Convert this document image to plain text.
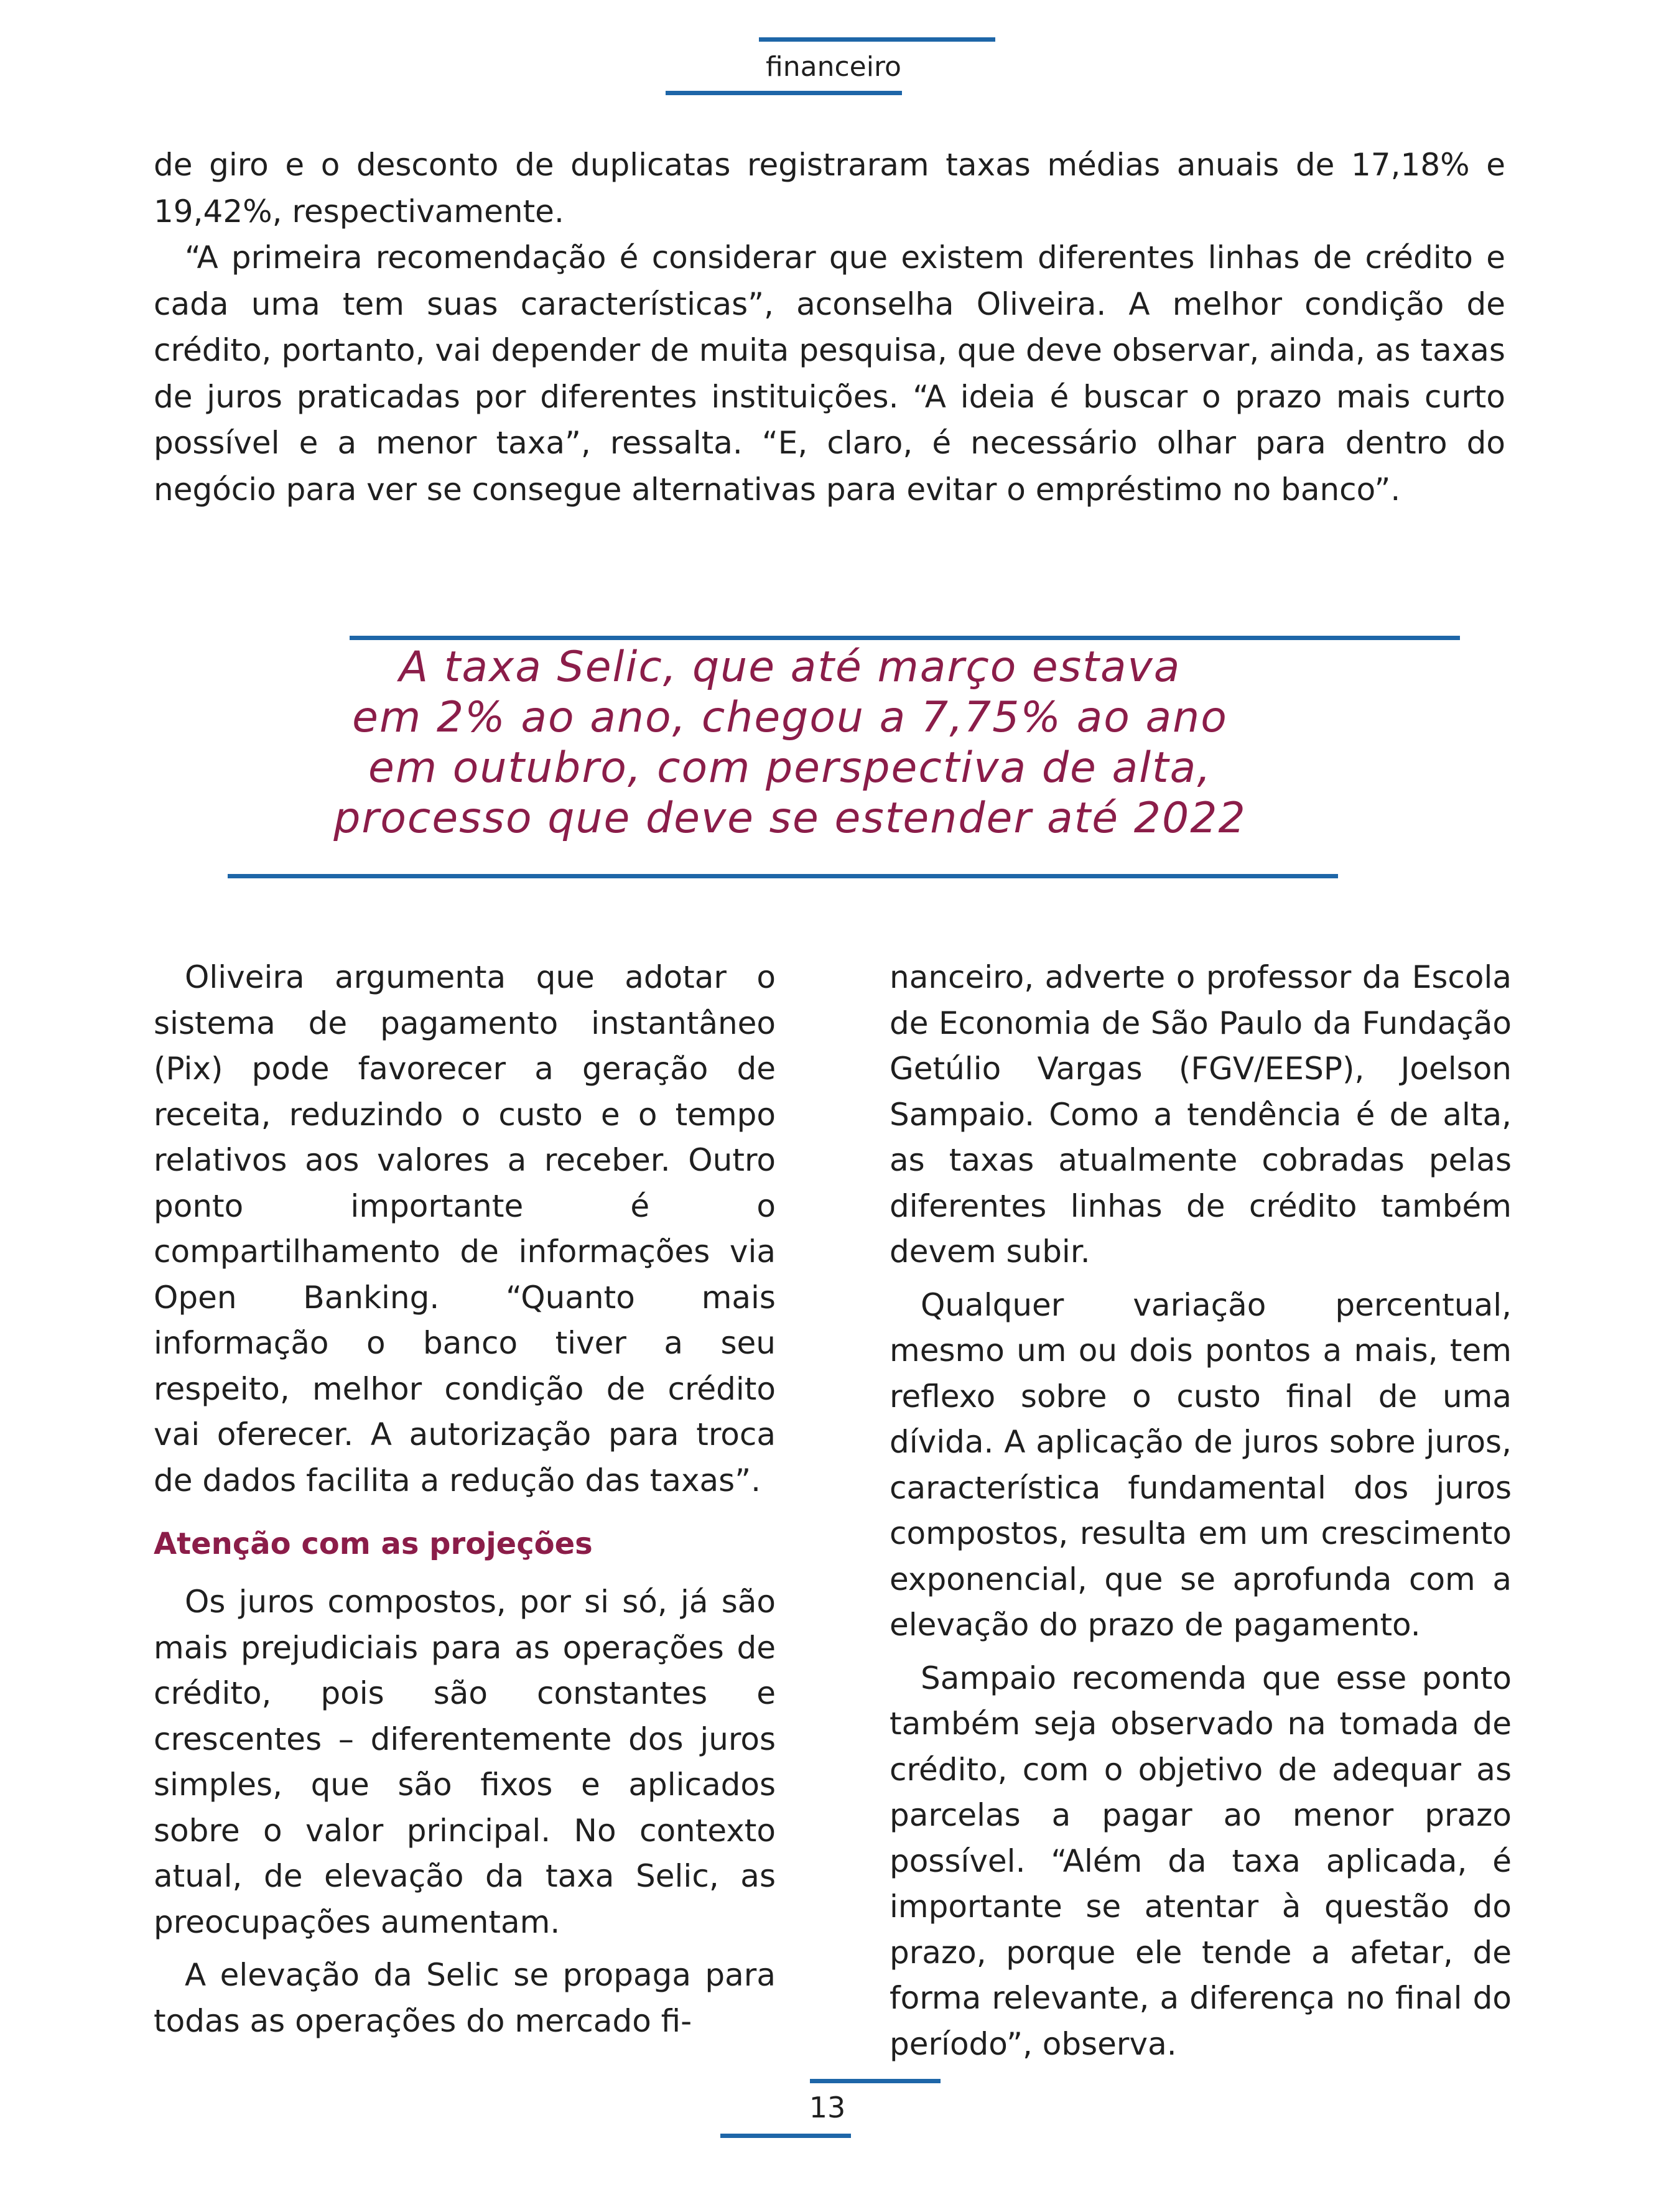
financeiro

de giro e o desconto de duplicatas registraram taxas médias anuais de 17,18% e 19,42%, respectivamente.

“A primeira recomendação é considerar que existem diferentes linhas de crédito e cada uma tem suas características”, aconselha Oliveira. A melhor condição de crédito, portanto, vai depender de muita pesquisa, que deve observar, ainda, as taxas de juros praticadas por diferentes instituições. “A ideia é buscar o prazo mais curto possível e a menor taxa”, ressalta. “E, claro, é necessário olhar para dentro do negócio para ver se consegue alternativas para evitar o empréstimo no banco”.

A taxa Selic, que até março estava
em 2% ao ano, chegou a 7,75% ao ano
em outubro, com perspectiva de alta,
processo que deve se estender até 2022

Oliveira argumenta que adotar o sistema de pagamento instantâneo (Pix) pode favorecer a geração de receita, reduzindo o custo e o tempo relativos aos valores a receber. Outro ponto importante é o compartilhamento de informações via Open Banking. “Quanto mais informação o banco tiver a seu respeito, melhor condição de crédito vai oferecer. A autorização para troca de dados facilita a redução das taxas”.

Atenção com as projeções

Os juros compostos, por si só, já são mais prejudiciais para as operações de crédito, pois são constantes e crescentes – diferentemente dos juros simples, que são fixos e aplicados sobre o valor principal. No contexto atual, de elevação da taxa Selic, as preocupações aumentam.

A elevação da Selic se propaga para todas as operações do mercado fi-

nanceiro, adverte o professor da Escola de Economia de São Paulo da Fundação Getúlio Vargas (FGV/EESP), Joelson Sampaio. Como a tendência é de alta, as taxas atualmente cobradas pelas diferentes linhas de crédito também devem subir.

Qualquer variação percentual, mesmo um ou dois pontos a mais, tem reflexo sobre o custo final de uma dívida. A aplicação de juros sobre juros, característica fundamental dos juros compostos, resulta em um crescimento exponencial, que se aprofunda com a elevação do prazo de pagamento.

Sampaio recomenda que esse ponto também seja observado na tomada de crédito, com o objetivo de adequar as parcelas a pagar ao menor prazo possível. “Além da taxa aplicada, é importante se atentar à questão do prazo, porque ele tende a afetar, de forma relevante, a diferença no final do período”, observa.

13
